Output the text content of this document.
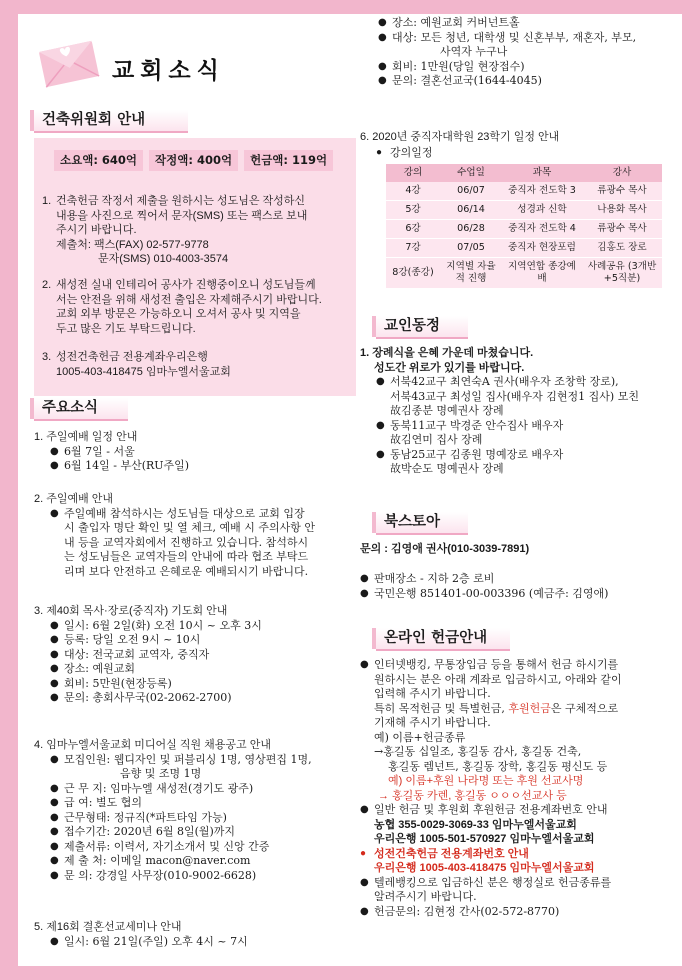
교회소식
건축위원회 안내
소요액: 640억 작정액: 400억 헌금액: 119억
1. 건축헌금 작정서 제출을 원하시는 성도님은 작성하신
내용을 사진으로 찍어서 문자(SMS) 또는 팩스로 보내
주시기 바랍니다.
제출처: 팩스(FAX) 02-577-9778
문자(SMS) 010-4003-3574
2. 새성전 실내 인테리어 공사가 진행중이오니 성도님들께
서는 안전을 위해 새성전 출입은 자제해주시기 바랍니다.
교회 외부 방문은 가능하오니 오셔서 공사 및 지역을
두고 많은 기도 부탁드립니다.
3. 성전건축헌금 전용계좌우리은행
1005-403-418475 임마누엘서울교회
주요소식
1. 주일예배 일정 안내
● 6월 7일 - 서울
● 6월 14일 - 부산(RU주일)
2. 주일예배 안내
● 주일예배 참석하시는 성도님들 대상으로 교회 입장
시 출입자 명단 확인 및 열 체크, 예배 시 주의사항 안
내 등을 교역자회에서 진행하고 있습니다. 참석하시
는 성도님들은 교역자들의 안내에 따라 협조 부탁드
리며 보다 안전하고 은혜로운 예배되시기 바랍니다.
3. 제40회 목사·장로(중직자) 기도회 안내
● 일시: 6월 2일(화) 오전 10시 ~ 오후 3시
● 등록: 당일 오전 9시 ~ 10시
● 대상: 전국교회 교역자, 중직자
● 장소: 예원교회
● 회비: 5만원(현장등록)
● 문의: 총회사무국(02-2062-2700)
4. 임마누엘서울교회 미디어실 직원 채용공고 안내
● 모집인원: 웹디자인 및 퍼블리싱 1명, 영상편집 1명,
음향 및 조명 1명
● 근 무 지: 임마누엘 새성전(경기도 광주)
● 급 여: 별도 협의
● 근무형태: 정규직(*파트타임 가능)
● 접수기간: 2020년 6월 8일(월)까지
● 제출서류: 이력서, 자기소개서 및 신앙 간증
● 제 출 처: 이메일 macon@naver.com
● 문 의: 강경일 사무장(010-9002-6628)
5. 제16회 결혼선교세미나 안내
● 일시: 6월 21일(주일) 오후 4시 ~ 7시
● 장소: 예원교회 커버넌트홀
● 대상: 모든 청년, 대학생 및 신혼부부, 재혼자, 부모,
사역자 누구나
● 회비: 1만원(당일 현장접수)
● 문의: 결혼선교국(1644-4045)
6. 2020년 중직자대학원 23학기 일정 안내
● 강의일정
강의	수업일	과목	강사
4강	06/07	중직자 전도학 3	류광수 목사
5강	06/14	성경과 신학	나용화 목사
6강	06/28	중직자 전도학 4	류광수 목사
7강	07/05	중직자 현장포럼	김홍도 장로
8강(종강)	지역별 자율적 진행	지역연합 종강예배	사례공유 (3개반+5직분)
교인동정
1. 장례식을 은혜 가운데 마쳤습니다.
성도간 위로가 있기를 바랍니다.
● 서북42교구 최연숙A 권사(배우자 조창학 장로),
서북43교구 최성일 집사(배우자 김현정1 집사) 모친
故김종분 명예권사 장례
● 동북11교구 박경준 안수집사 배우자
故김연미 집사 장례
● 동남25교구 김종원 명예장로 배우자
故박순도 명예권사 장례
북스토아
문의 : 김영애 권사(010-3039-7891)
● 판매장소 - 지하 2층 로비
● 국민은행 851401-00-003396 (예금주: 김영애)
온라인 헌금안내
● 인터넷뱅킹, 무통장입금 등을 통해서 헌금 하시기를
원하시는 분은 아래 계좌로 입금하시고, 아래와 같이
입력해 주시기 바랍니다.
특히 목적헌금 및 특별헌금, 후원헌금은 구체적으로
기재해 주시기 바랍니다.
예) 이름+헌금종류
→홍길동 십일조, 홍길동 감사, 홍길동 건축,
홍길동 렘넌트, 홍길동 장학, 홍길동 평신도 등
예) 이름+후원 나라명 또는 후원 선교사명
→ 홍길동 카렌, 홍길동 ㅇㅇㅇ선교사 등
● 일반 헌금 및 후원회 후원헌금 전용계좌번호 안내
농협 355-0029-3069-33 임마누엘서울교회
우리은행 1005-501-570927 임마누엘서울교회
● 성전건축헌금 전용계좌번호 안내
우리은행 1005-403-418475 임마누엘서울교회
● 텔레뱅킹으로 입금하신 분은 행정실로 헌금종류를
알려주시기 바랍니다.
● 헌금문의: 김현정 간사(02-572-8770)
